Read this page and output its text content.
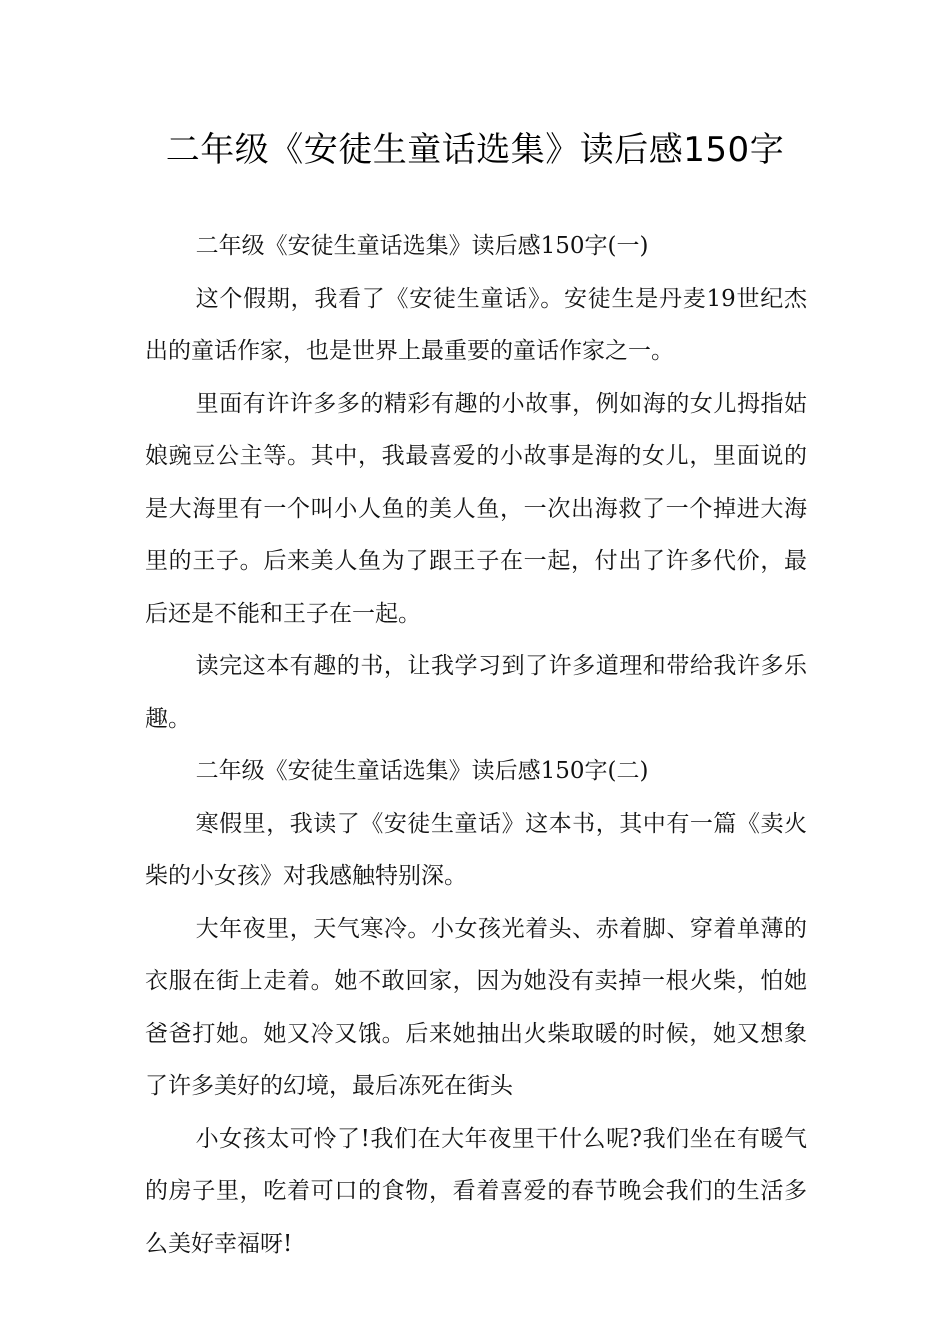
二年级《安徒生童话选集》读后感150字

二年级《安徒生童话选集》读后感150字(一)

这个假期，我看了《安徒生童话》。安徒生是丹麦19世纪杰出的童话作家，也是世界上最重要的童话作家之一。

里面有许许多多的精彩有趣的小故事，例如海的女儿拇指姑娘豌豆公主等。其中，我最喜爱的小故事是海的女儿，里面说的是大海里有一个叫小人鱼的美人鱼，一次出海救了一个掉进大海里的王子。后来美人鱼为了跟王子在一起，付出了许多代价，最后还是不能和王子在一起。

读完这本有趣的书，让我学习到了许多道理和带给我许多乐趣。

二年级《安徒生童话选集》读后感150字(二)

寒假里，我读了《安徒生童话》这本书，其中有一篇《卖火柴的小女孩》对我感触特别深。

大年夜里，天气寒冷。小女孩光着头、赤着脚、穿着单薄的衣服在街上走着。她不敢回家，因为她没有卖掉一根火柴，怕她爸爸打她。她又冷又饿。后来她抽出火柴取暖的时候，她又想象了许多美好的幻境，最后冻死在街头

小女孩太可怜了!我们在大年夜里干什么呢?我们坐在有暖气的房子里，吃着可口的食物，看着喜爱的春节晚会我们的生活多么美好幸福呀!
